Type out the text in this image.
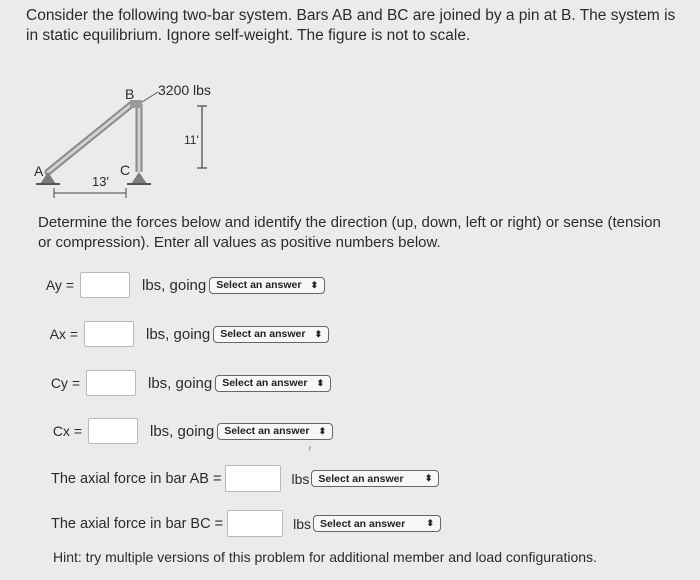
Consider the following two-bar system. Bars AB and BC are joined by a pin at B. The system is in static equilibrium. Ignore self-weight. The figure is not to scale.
A
B
C
3200 lbs
11'
13'
Determine the forces below and identify the direction (up, down, left or right) or sense (tension or compression). Enter all values as positive numbers below.
Ay =	lbs, going Select an answer ⬍
Ax =	lbs, going Select an answer ⬍
Cy =	lbs, going Select an answer ⬍
Cx =	lbs, going Select an answer ⬍
ʳ
The axial force in bar AB =	lbs Select an answer ⬍
The axial force in bar BC =	lbs Select an answer ⬍
Hint: try multiple versions of this problem for additional member and load configurations.
